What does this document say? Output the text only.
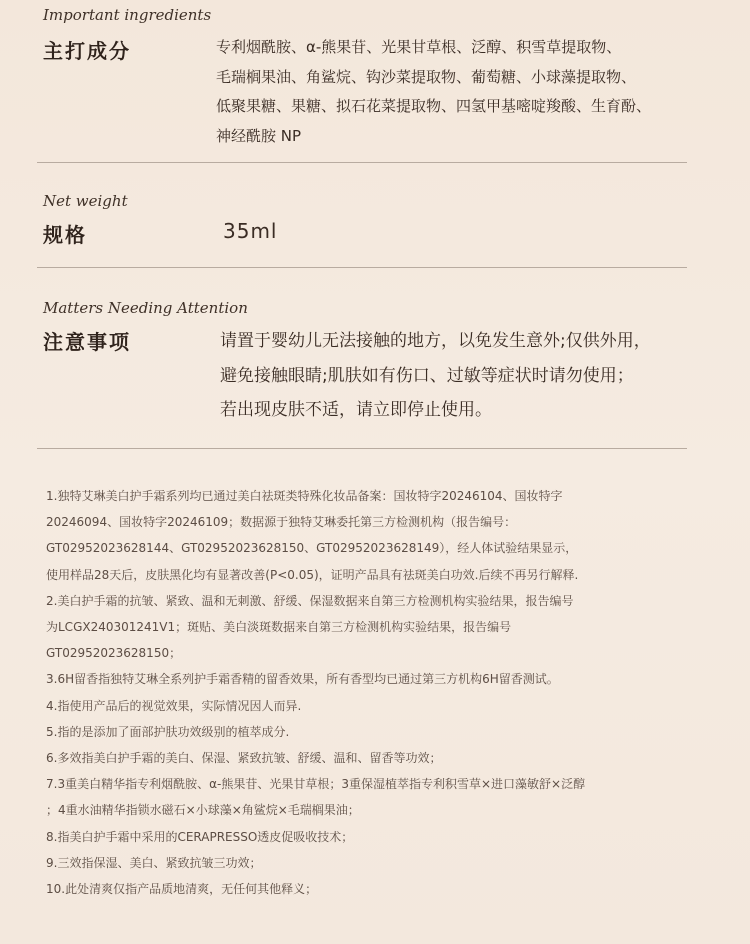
Important ingredients
主打成分	专利烟酰胺、α-熊果苷、光果甘草根、泛醇、积雪草提取物、
毛瑞榈果油、角鲨烷、钩沙菜提取物、葡萄糖、小球藻提取物、
低聚果糖、果糖、拟石花菜提取物、四氢甲基嘧啶羧酸、生育酚、
神经酰胺 NP
Net weight
规格	35ml
Matters Needing Attention
注意事项	请置于婴幼儿无法接触的地方，以免发生意外;仅供外用，
避免接触眼睛;肌肤如有伤口、过敏等症状时请勿使用；
若出现皮肤不适，请立即停止使用。
1.独特艾琳美白护手霜系列均已通过美白祛斑类特殊化妆品备案：国妆特字20246104、国妆特字
20246094、国妆特字20246109；数据源于独特艾琳委托第三方检测机构（报告编号：
GT02952023628144、GT02952023628150、GT02952023628149），经人体试验结果显示，
使用样品28天后，皮肤黑化均有显著改善(P<0.05)，证明产品具有祛斑美白功效.后续不再另行解释.
2.美白护手霜的抗皱、紧致、温和无刺激、舒缓、保湿数据来自第三方检测机构实验结果，报告编号
为LCGX240301241V1；斑贴、美白淡斑数据来自第三方检测机构实验结果，报告编号
GT02952023628150；
3.6H留香指独特艾琳全系列护手霜香精的留香效果，所有香型均已通过第三方机构6H留香测试。
4.指使用产品后的视觉效果，实际情况因人而异.
5.指的是添加了面部护肤功效级别的植萃成分.
6.多效指美白护手霜的美白、保湿、紧致抗皱、舒缓、温和、留香等功效；
7.3重美白精华指专利烟酰胺、α-熊果苷、光果甘草根；3重保湿植萃指专利积雪草×进口藻敏舒×泛醇
；4重水油精华指锁水磁石×小球藻×角鲨烷×毛瑞榈果油；
8.指美白护手霜中采用的CERAPRESSO透皮促吸收技术；
9.三效指保湿、美白、紧致抗皱三功效；
10.此处清爽仅指产品质地清爽，无任何其他释义；
